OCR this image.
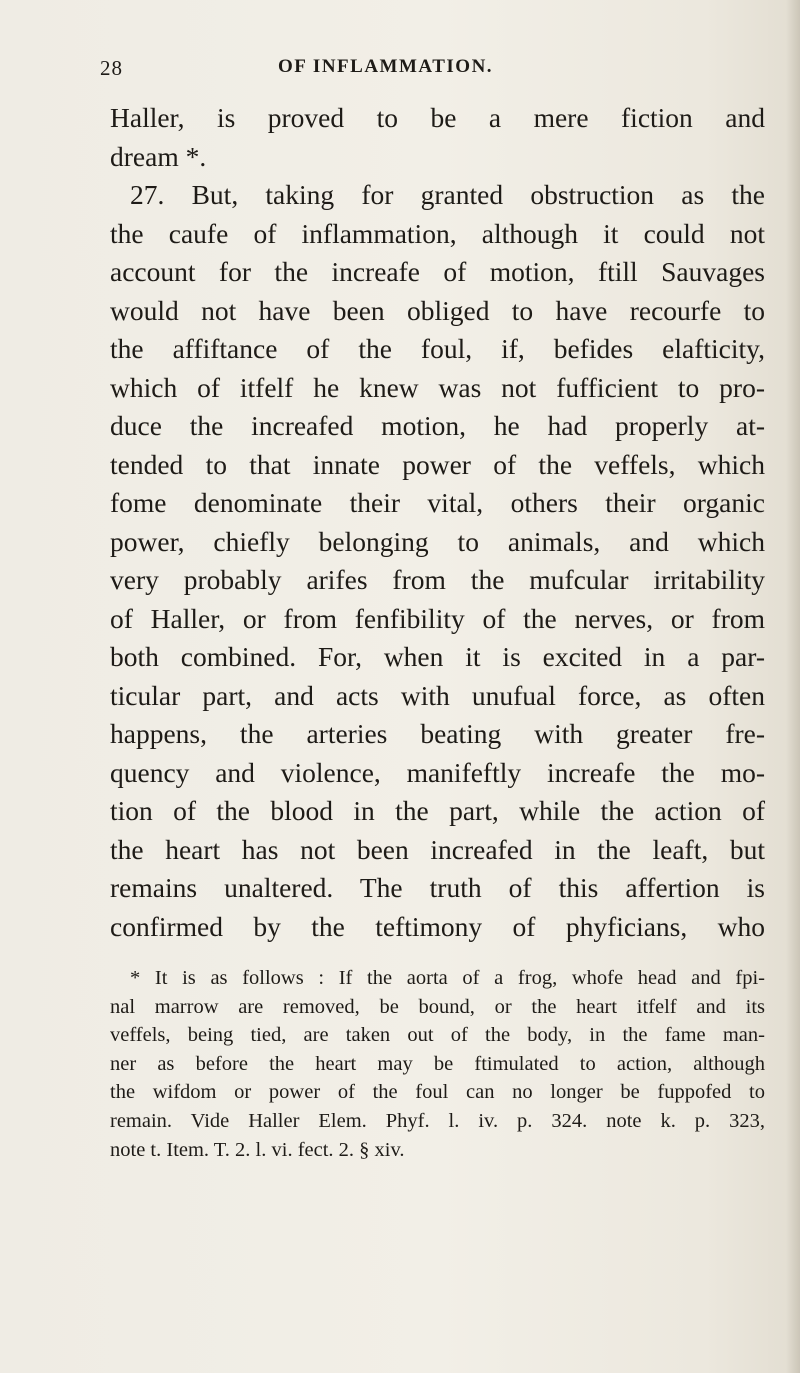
28	OF INFLAMMATION.
Haller, is proved to be a mere fiction and
dream *.
27. But, taking for granted obstruction as the
the caufe of inflammation, although it could not
account for the increafe of motion, ftill Sauvages
would not have been obliged to have recourfe to
the affiftance of the foul, if, befides elafticity,
which of itfelf he knew was not fufficient to pro-
duce the increafed motion, he had properly at-
tended to that innate power of the veffels, which
fome denominate their vital, others their organic
power, chiefly belonging to animals, and which
very probably arifes from the mufcular irritability
of Haller, or from fenfibility of the nerves, or from
both combined. For, when it is excited in a par-
ticular part, and acts with unufual force, as often
happens, the arteries beating with greater fre-
quency and violence, manifeftly increafe the mo-
tion of the blood in the part, while the action of
the heart has not been increafed in the leaft, but
remains unaltered. The truth of this affertion is
confirmed by the teftimony of phyficians, who
* It is as follows : If the aorta of a frog, whofe head and fpi-
nal marrow are removed, be bound, or the heart itfelf and its
veffels, being tied, are taken out of the body, in the fame man-
ner as before the heart may be ftimulated to action, although
the wifdom or power of the foul can no longer be fuppofed to
remain. Vide Haller Elem. Phyf. l. iv. p. 324. note k. p. 323,
note t. Item. T. 2. l. vi. fect. 2. § xiv.
